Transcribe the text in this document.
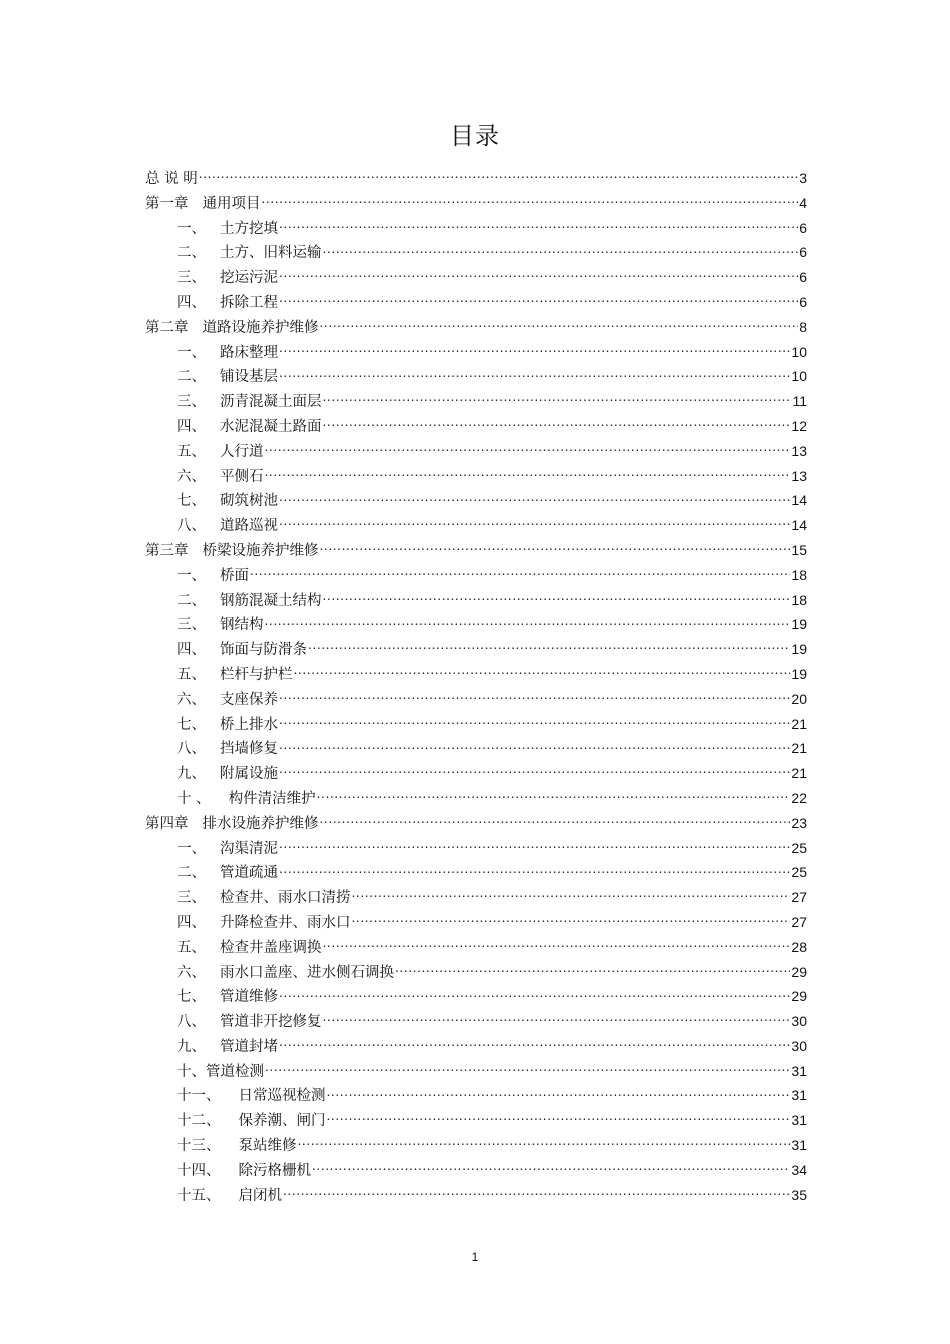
目录
总 说 明 .....	3
第一章 通用项目 .....	4
一、 土方挖填 .....	6
二、 土方、旧料运输 .....	6
三、 挖运污泥 .....	6
四、 拆除工程 .....	6
第二章 道路设施养护维修 .....	8
一、 路床整理 .....	10
二、 铺设基层 .....	10
三、 沥青混凝土面层 .....	11
四、 水泥混凝土路面 .....	12
五、 人行道 .....	13
六、 平侧石 .....	13
七、 砌筑树池 .....	14
八、 道路巡视 .....	14
第三章 桥梁设施养护维修 .....	15
一、 桥面 .....	18
二、 钢筋混凝土结构 .....	18
三、 钢结构 .....	19
四、 饰面与防滑条 .....	19
五、 栏杆与护栏 .....	19
六、 支座保养 .....	20
七、 桥上排水 .....	21
八、 挡墙修复 .....	21
九、 附属设施 .....	21
十 、 构件清洁维护 .....	22
第四章 排水设施养护维修 .....	23
一、 沟渠清泥 .....	25
二、 管道疏通 .....	25
三、 检查井、雨水口清捞 .....	27
四、 升降检查井、雨水口 .....	27
五、 检查井盖座调换 .....	28
六、 雨水口盖座、进水侧石调换 .....	29
七、 管道维修 .....	29
八、 管道非开挖修复 .....	30
九、 管道封堵 .....	30
十、 管道检测 .....	31
十一、 日常巡视检测 .....	31
十二、 保养潮、闸门 .....	31
十三、 泵站维修 .....	31
十四、 除污格栅机 .....	34
十五、 启闭机 .....	35
1
